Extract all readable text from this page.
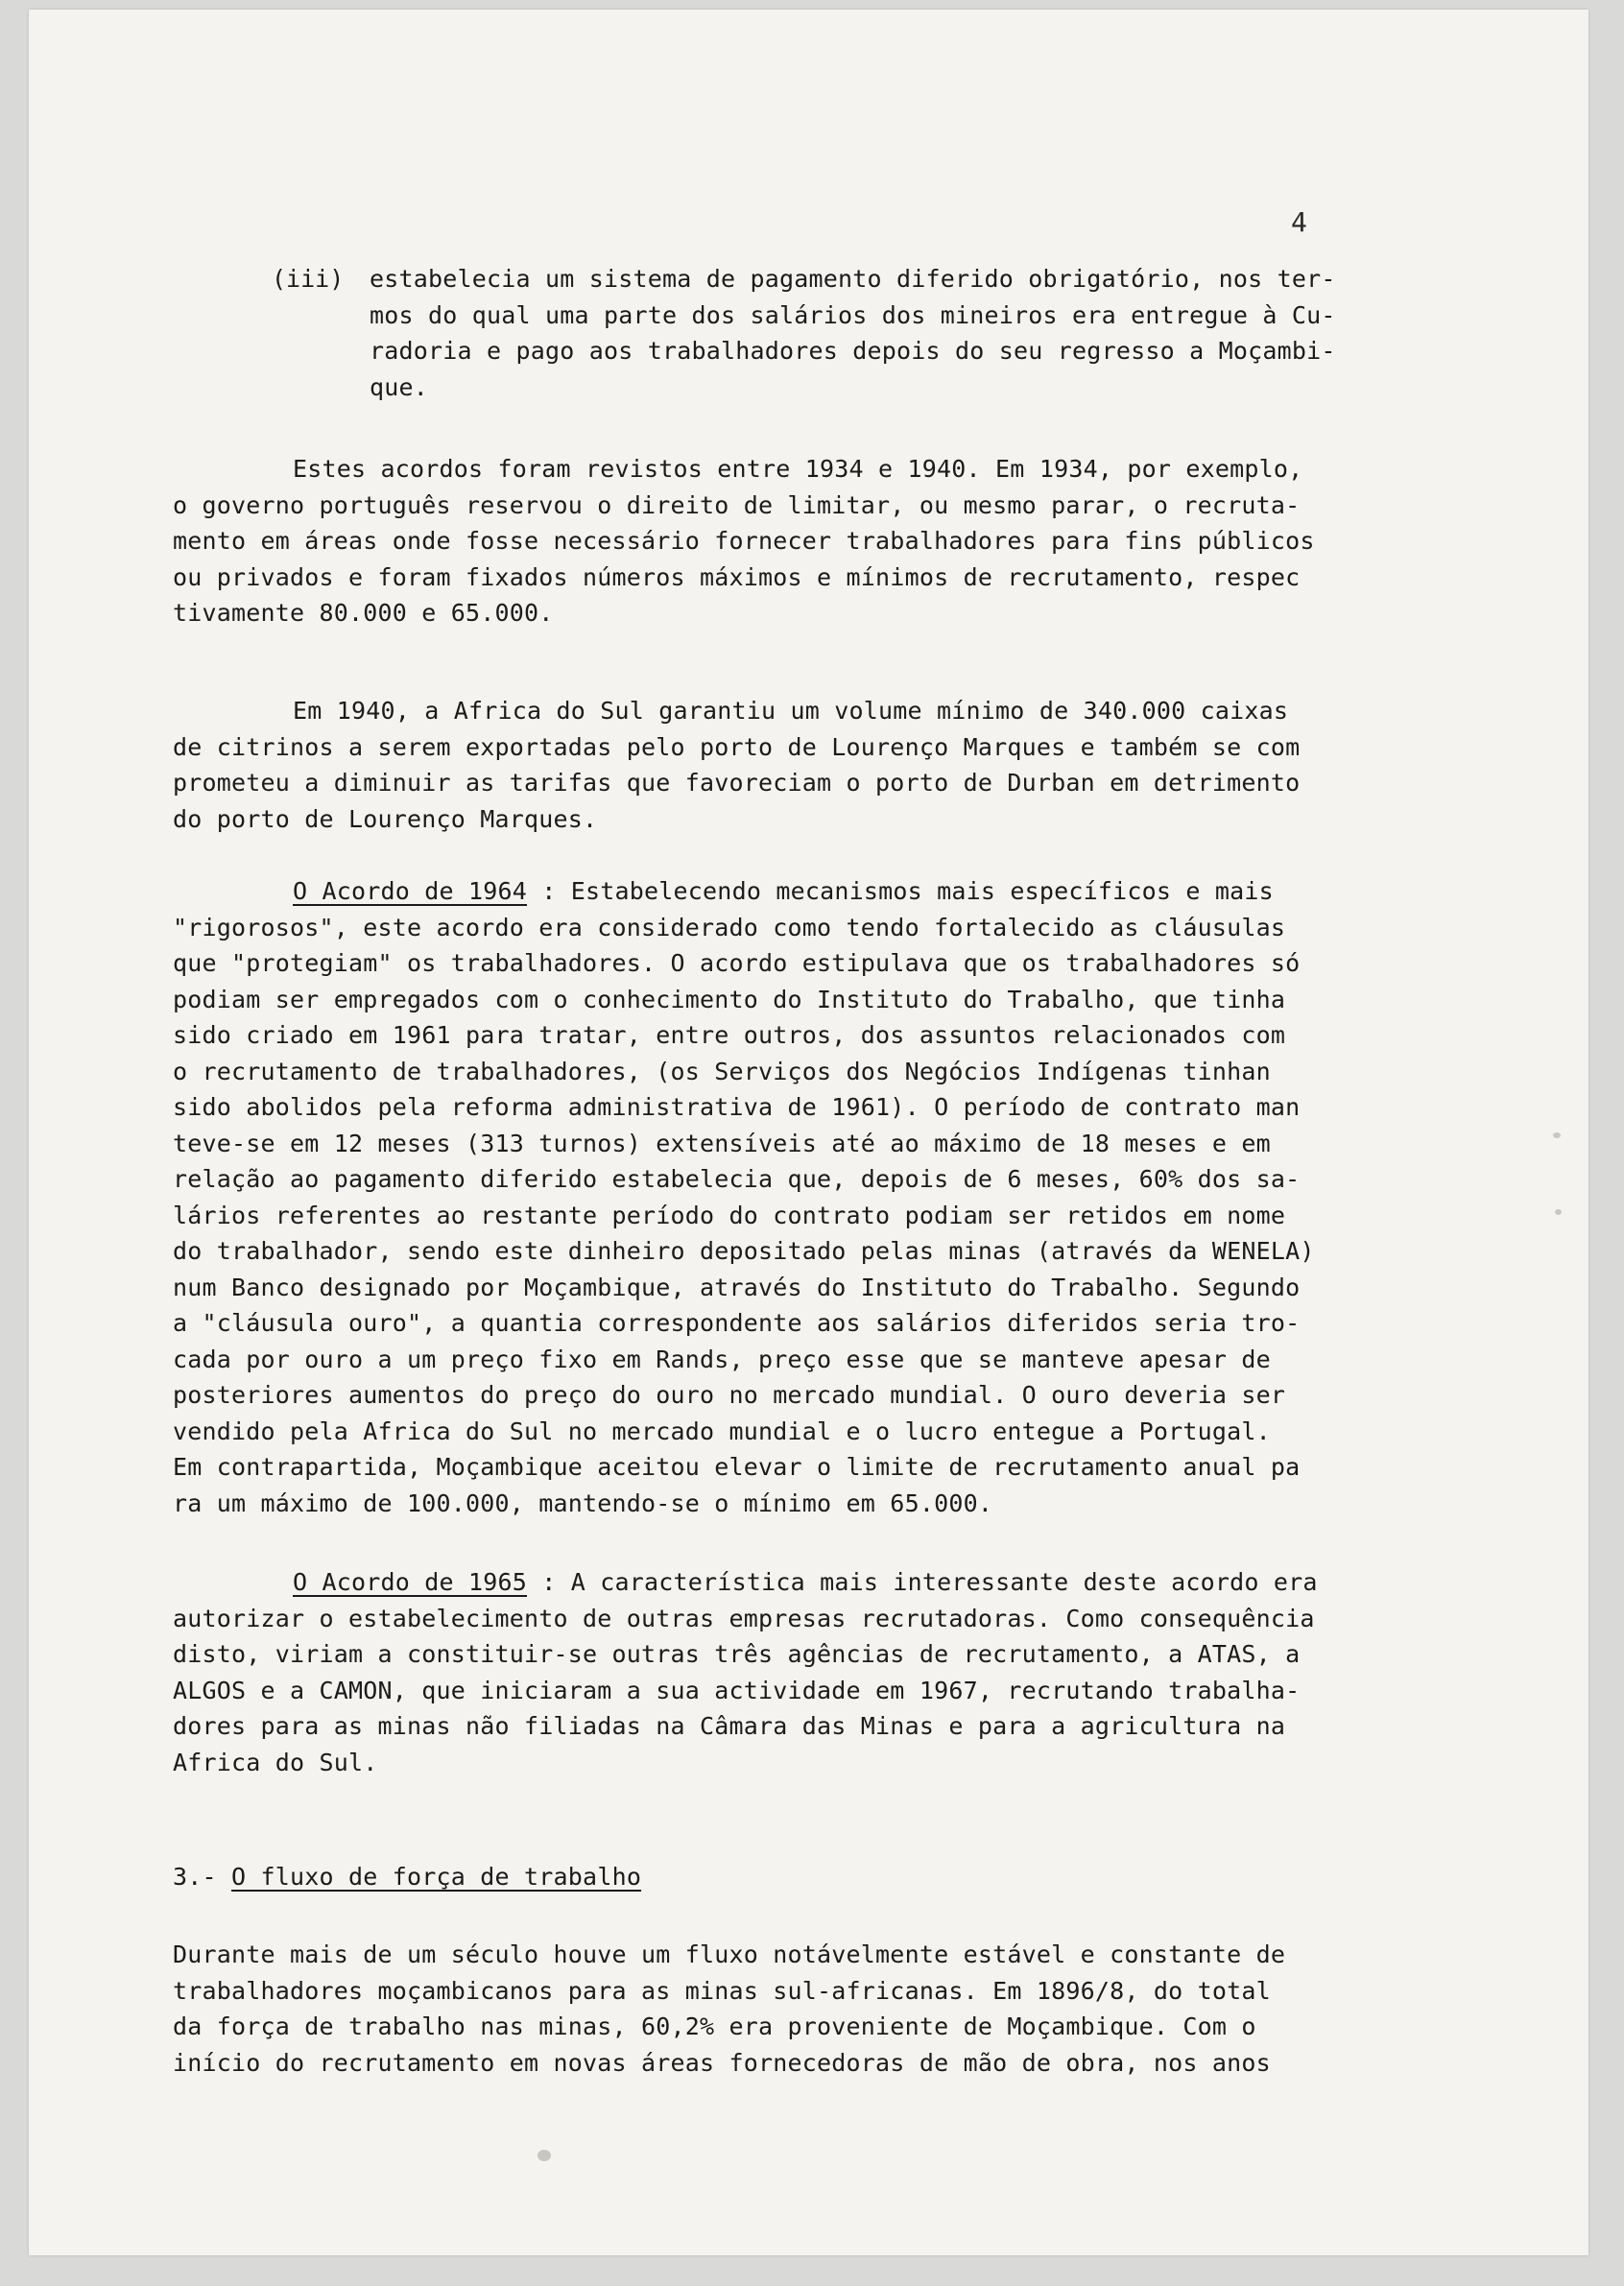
4

(iii) estabelecia um sistema de pagamento diferido obrigatório, nos ter-
mos do qual uma parte dos salários dos mineiros era entregue à Cu-
radoria e pago aos trabalhadores depois do seu regresso a Moçambi-
que.
Estes acordos foram revistos entre 1934 e 1940. Em 1934, por exemplo,
o governo português reservou o direito de limitar, ou mesmo parar, o recruta-
mento em áreas onde fosse necessário fornecer trabalhadores para fins públicos
ou privados e foram fixados números máximos e mínimos de recrutamento, respec
tivamente 80.000 e 65.000.
Em 1940, a Africa do Sul garantiu um volume mínimo de 340.000 caixas
de citrinos a serem exportadas pelo porto de Lourenço Marques e também se com
prometeu a diminuir as tarifas que favoreciam o porto de Durban em detrimento
do porto de Lourenço Marques.
O Acordo de 1964 : Estabelecendo mecanismos mais específicos e mais
"rigorosos", este acordo era considerado como tendo fortalecido as cláusulas
que "protegiam" os trabalhadores. O acordo estipulava que os trabalhadores só
podiam ser empregados com o conhecimento do Instituto do Trabalho, que tinha
sido criado em 1961 para tratar, entre outros, dos assuntos relacionados com
o recrutamento de trabalhadores, (os Serviços dos Negócios Indígenas tinhan
sido abolidos pela reforma administrativa de 1961). O período de contrato man
teve-se em 12 meses (313 turnos) extensíveis até ao máximo de 18 meses e em
relação ao pagamento diferido estabelecia que, depois de 6 meses, 60% dos sa-
lários referentes ao restante período do contrato podiam ser retidos em nome
do trabalhador, sendo este dinheiro depositado pelas minas (através da WENELA)
num Banco designado por Moçambique, através do Instituto do Trabalho. Segundo
a "cláusula ouro", a quantia correspondente aos salários diferidos seria tro-
cada por ouro a um preço fixo em Rands, preço esse que se manteve apesar de
posteriores aumentos do preço do ouro no mercado mundial. O ouro deveria ser
vendido pela Africa do Sul no mercado mundial e o lucro entegue a Portugal.
Em contrapartida, Moçambique aceitou elevar o limite de recrutamento anual pa
ra um máximo de 100.000, mantendo-se o mínimo em 65.000.
O Acordo de 1965 : A característica mais interessante deste acordo era
autorizar o estabelecimento de outras empresas recrutadoras. Como consequência
disto, viriam a constituir-se outras três agências de recrutamento, a ATAS, a
ALGOS e a CAMON, que iniciaram a sua actividade em 1967, recrutando trabalha-
dores para as minas não filiadas na Câmara das Minas e para a agricultura na
Africa do Sul.
3.- O fluxo de força de trabalho
Durante mais de um século houve um fluxo notávelmente estável e constante de
trabalhadores moçambicanos para as minas sul-africanas. Em 1896/8, do total
da força de trabalho nas minas, 60,2% era proveniente de Moçambique. Com o
início do recrutamento em novas áreas fornecedoras de mão de obra, nos anos
